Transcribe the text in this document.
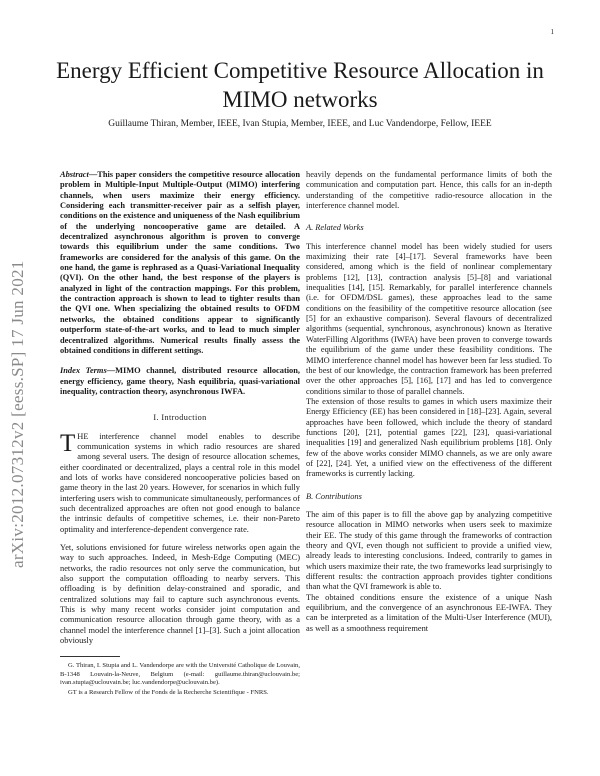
1
arXiv:2012.07312v2 [eess.SP] 17 Jun 2021
Energy Efficient Competitive Resource Allocation in MIMO networks
Guillaume Thiran, Member, IEEE, Ivan Stupia, Member, IEEE, and Luc Vandendorpe, Fellow, IEEE

Abstract—This paper considers the competitive resource allocation problem in Multiple-Input Multiple-Output (MIMO) interfering channels, when users maximize their energy efficiency. Considering each transmitter-receiver pair as a selfish player, conditions on the existence and uniqueness of the Nash equilibrium of the underlying noncooperative game are detailed. A decentralized asynchronous algorithm is proven to converge towards this equilibrium under the same conditions. Two frameworks are considered for the analysis of this game. On the one hand, the game is rephrased as a Quasi-Variational Inequality (QVI). On the other hand, the best response of the players is analyzed in light of the contraction mappings. For this problem, the contraction approach is shown to lead to tighter results than the QVI one. When specializing the obtained results to OFDM networks, the obtained conditions appear to significantly outperform state-of-the-art works, and to lead to much simpler decentralized algorithms. Numerical results finally assess the obtained conditions in different settings.

Index Terms—MIMO channel, distributed resource allocation, energy efficiency, game theory, Nash equilibria, quasi-variational inequality, contraction theory, asynchronous IWFA.

I. Introduction

THE interference channel model enables to describe communication systems in which radio resources are shared among several users. The design of resource allocation schemes, either coordinated or decentralized, plays a central role in this model and lots of works have considered noncooperative policies based on game theory in the last 20 years. However, for scenarios in which fully interfering users wish to communicate simultaneously, performances of such decentralized approaches are often not good enough to balance the intrinsic defaults of competitive schemes, i.e. their non-Pareto optimality and interference-dependent convergence rate.

Yet, solutions envisioned for future wireless networks open again the way to such approaches. Indeed, in Mesh-Edge Computing (MEC) networks, the radio resources not only serve the communication, but also support the computation offloading to nearby servers. This offloading is by definition delay-constrained and sporadic, and centralized solutions may fail to capture such asynchronous events. This is why many recent works consider joint computation and communication resource allocation through game theory, with as a channel model the interference channel [1]–[3]. Such a joint allocation obviously

G. Thiran, I. Stupia and L. Vandendorpe are with the Université Catholique de Louvain, B-1348 Louvain-la-Neuve, Belgium (e-mail: guillaume.thiran@uclouvain.be; ivan.stupia@uclouvain.be; luc.vandendorpe@uclouvain.be).

GT is a Research Fellow of the Fonds de la Recherche Scientifique - FNRS.

heavily depends on the fundamental performance limits of both the communication and computation part. Hence, this calls for an in-depth understanding of the competitive radio-resource allocation in the interference channel model.

A. Related Works

This interference channel model has been widely studied for users maximizing their rate [4]–[17]. Several frameworks have been considered, among which is the field of nonlinear complementary problems [12], [13], contraction analysis [5]–[8] and variational inequalities [14], [15]. Remarkably, for parallel interference channels (i.e. for OFDM/DSL games), these approaches lead to the same conditions on the feasibility of the competitive resource allocation (see [5] for an exhaustive comparison). Several flavours of decentralized algorithms (sequential, synchronous, asynchronous) known as Iterative WaterFilling Algorithms (IWFA) have been proven to converge towards the equilibrium of the game under these feasibility conditions. The MIMO interference channel model has however been far less studied. To the best of our knowledge, the contraction framework has been preferred over the other approaches [5], [16], [17] and has led to convergence conditions similar to those of parallel channels.

The extension of those results to games in which users maximize their Energy Efficiency (EE) has been considered in [18]–[23]. Again, several approaches have been followed, which include the theory of standard functions [20], [21], potential games [22], [23], quasi-variational inequalities [19] and generalized Nash equilibrium problems [18]. Only few of the above works consider MIMO channels, as we are only aware of [22], [24]. Yet, a unified view on the effectiveness of the different frameworks is currently lacking.

B. Contributions

The aim of this paper is to fill the above gap by analyzing competitive resource allocation in MIMO networks when users seek to maximize their EE. The study of this game through the frameworks of contraction theory and QVI, even though not sufficient to provide a unified view, already leads to interesting conclusions. Indeed, contrarily to games in which users maximize their rate, the two frameworks lead surprisingly to different results: the contraction approach provides tighter conditions than what the QVI framework is able to.

The obtained conditions ensure the existence of a unique Nash equilibrium, and the convergence of an asynchronous EE-IWFA. They can be interpreted as a limitation of the Multi-User Interference (MUI), as well as a smoothness requirement
